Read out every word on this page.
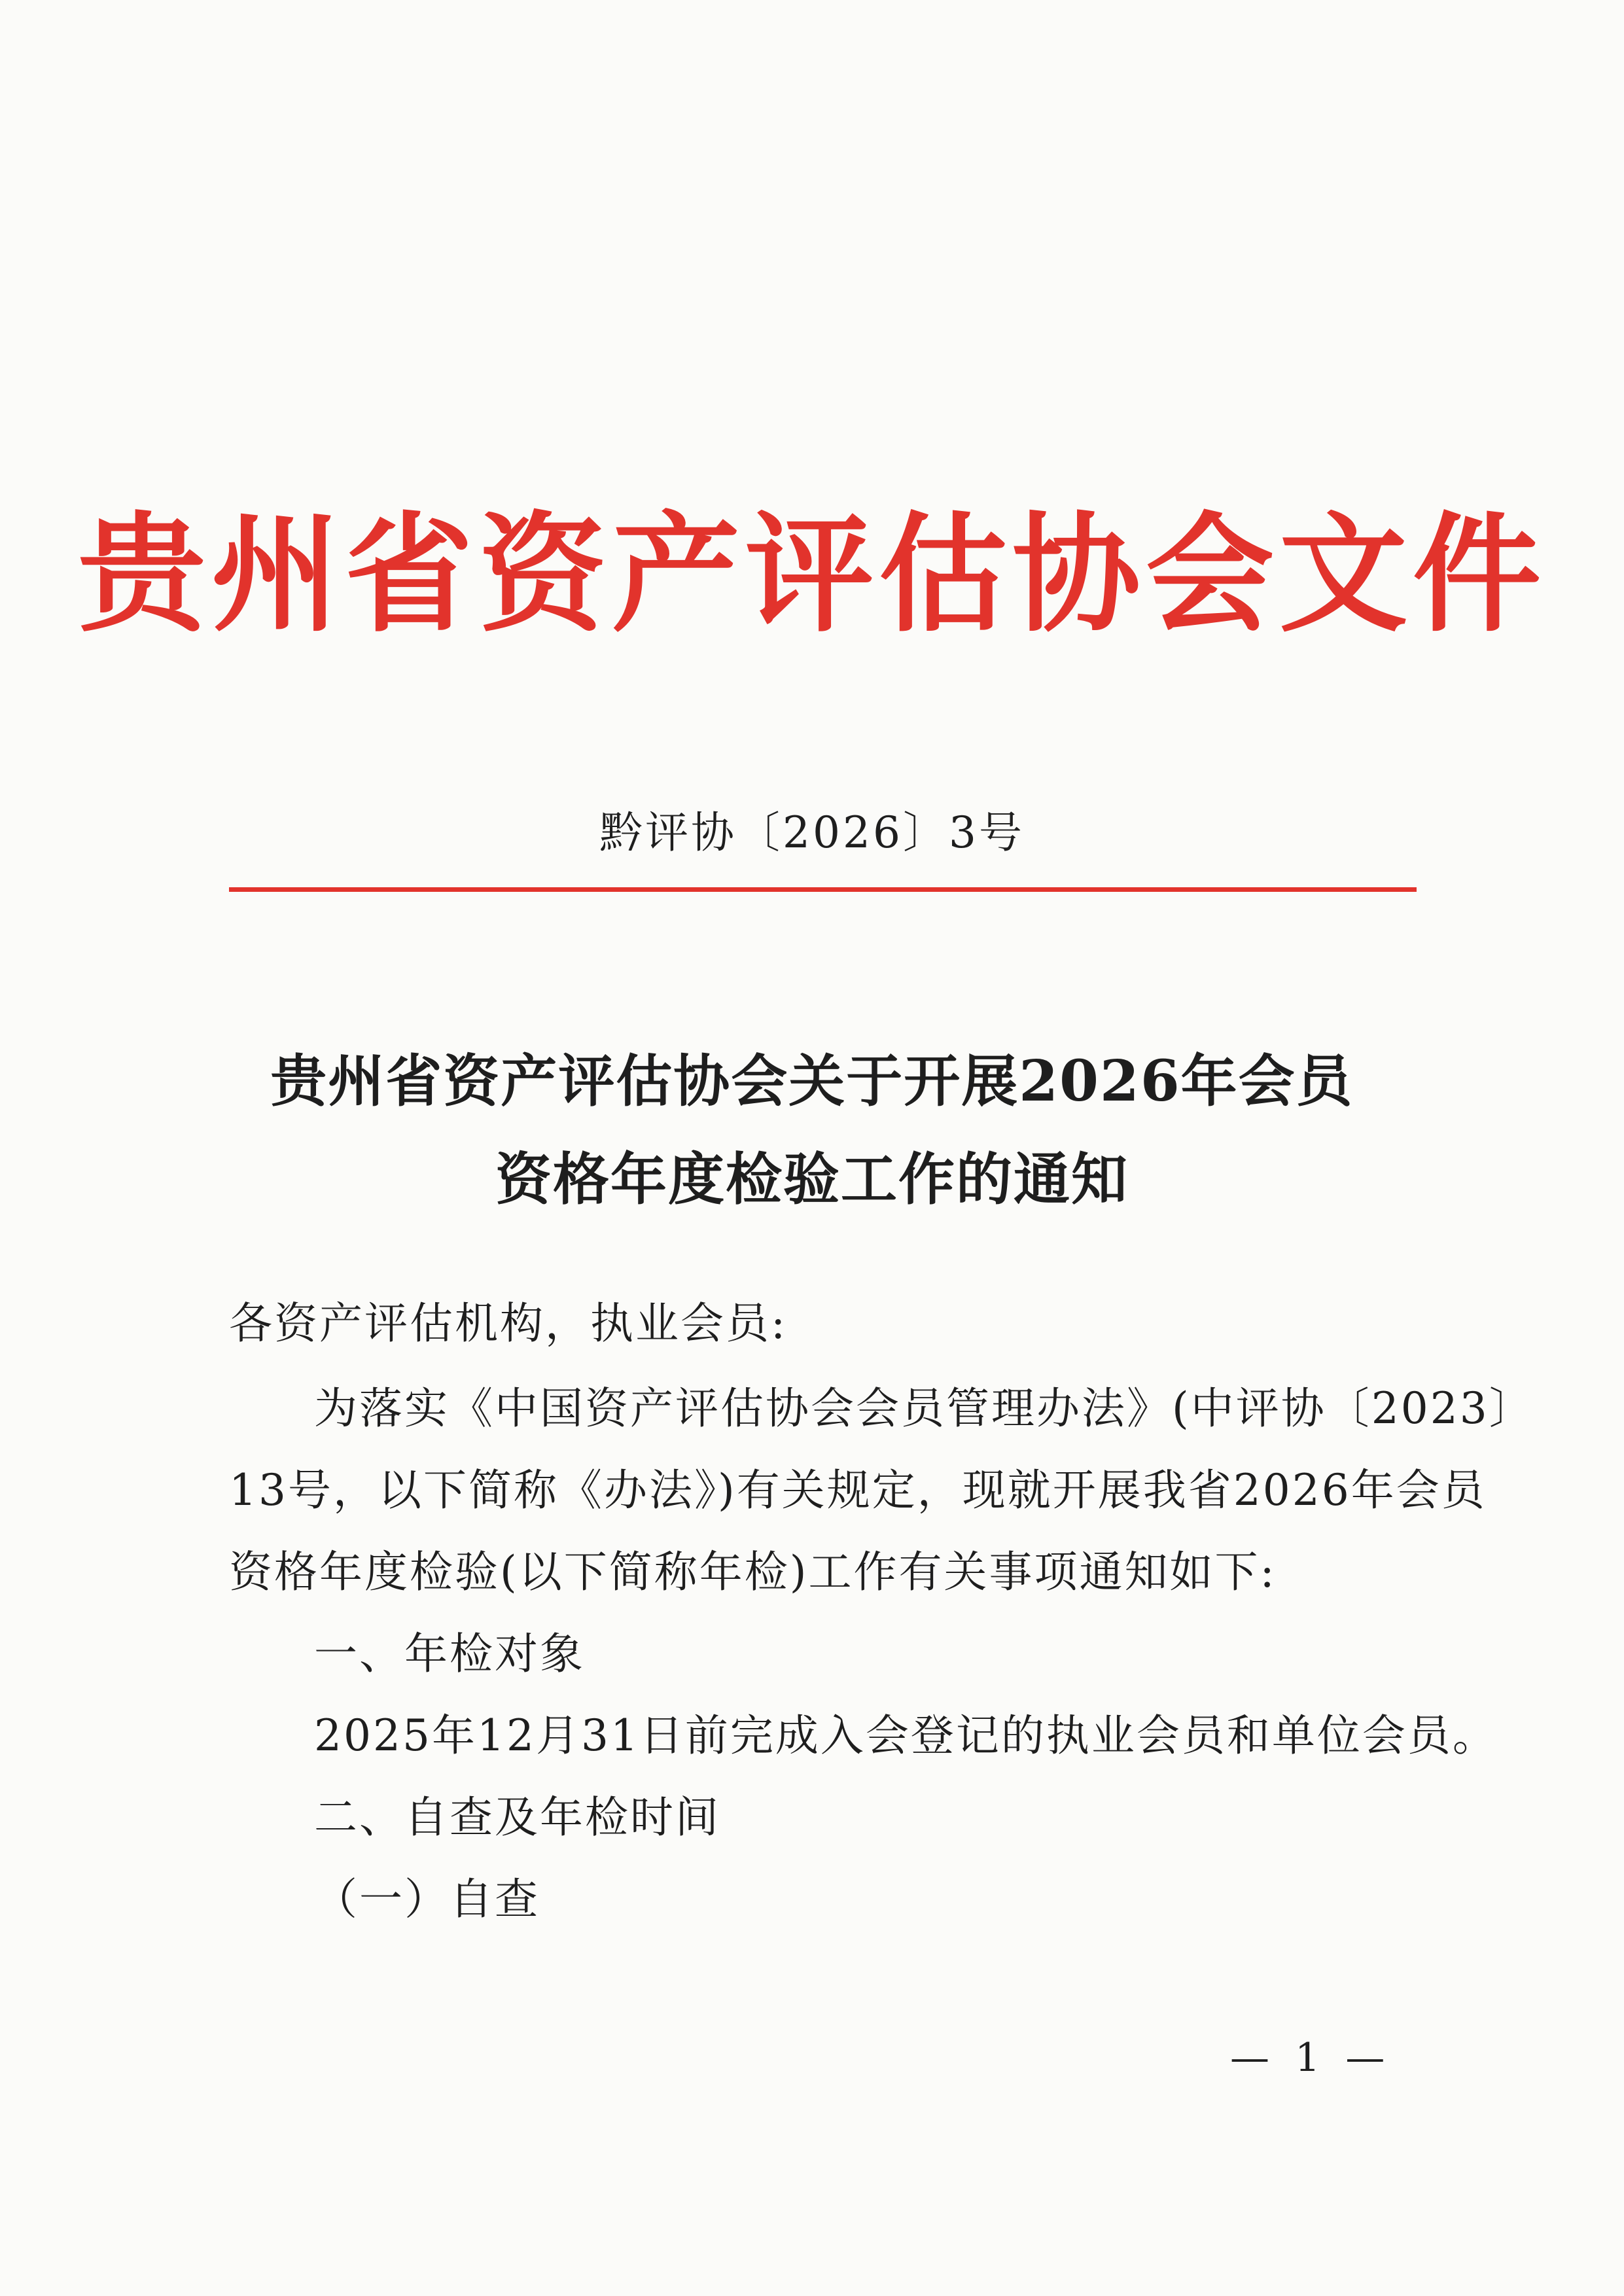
贵州省资产评估协会文件
黔评协〔2026〕3号
贵州省资产评估协会关于开展2026年会员
资格年度检验工作的通知
各资产评估机构，执业会员:
为落实《中国资产评估协会会员管理办法》(中评协〔2023〕
13号，以下简称《办法》)有关规定，现就开展我省2026年会员
资格年度检验(以下简称年检)工作有关事项通知如下:
一、年检对象
2025年12月31日前完成入会登记的执业会员和单位会员。
二、自查及年检时间
（一）自查
— 1 —
